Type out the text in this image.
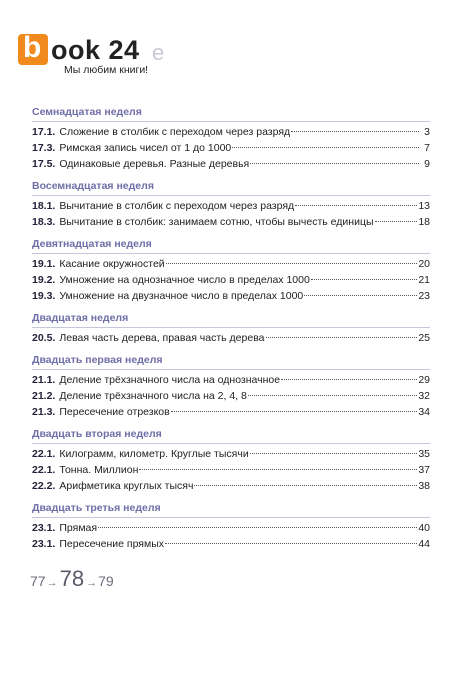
b ook 24 e
Мы любим книги!
Семнадцатая неделя
17.1. Сложение в столбик с переходом через разряд	3
17.3. Римская запись чисел от 1 до 1000	7
17.5. Одинаковые деревья. Разные деревья	9
Восемнадцатая неделя
18.1. Вычитание в столбик с переходом через разряд	13
18.3. Вычитание в столбик: занимаем сотню, чтобы вычесть единицы	18
Девятнадцатая неделя
19.1. Касание окружностей	20
19.2. Умножение на однозначное число в пределах 1000	21
19.3. Умножение на двузначное число в пределах 1000	23
Двадцатая неделя
20.5. Левая часть дерева, правая часть дерева	25
Двадцать первая неделя
21.1. Деление трёхзначного числа на однозначное	29
21.2. Деление трёхзначного числа на 2, 4, 8	32
21.3. Пересечение отрезков	34
Двадцать вторая неделя
22.1. Килограмм, километр. Круглые тысячи	35
22.1. Тонна. Миллион	37
22.2. Арифметика круглых тысяч	38
Двадцать третья неделя
23.1. Прямая	40
23.1. Пересечение прямых	44
77 → 78 → 79
